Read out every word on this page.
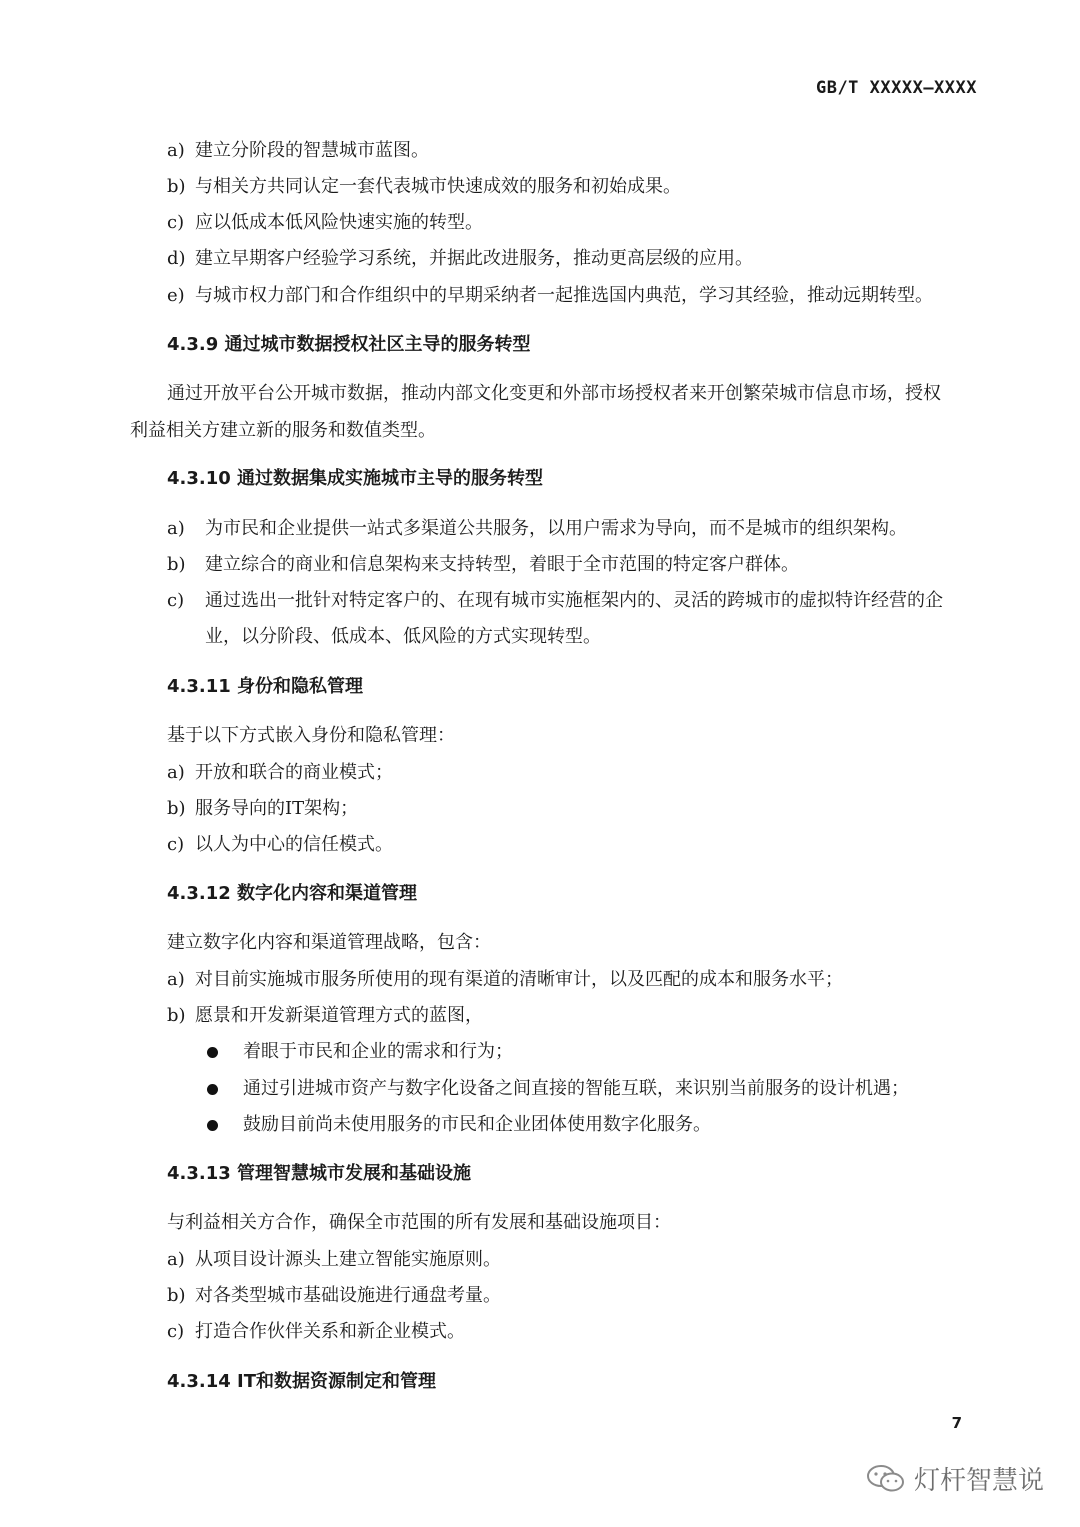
GB/T XXXXX—XXXX
a) 建立分阶段的智慧城市蓝图。
b) 与相关方共同认定一套代表城市快速成效的服务和初始成果。
c) 应以低成本低风险快速实施的转型。
d) 建立早期客户经验学习系统，并据此改进服务，推动更高层级的应用。
e) 与城市权力部门和合作组织中的早期采纳者一起推选国内典范，学习其经验，推动远期转型。
4.3.9 通过城市数据授权社区主导的服务转型
通过开放平台公开城市数据，推动内部文化变更和外部市场授权者来开创繁荣城市信息市场，授权
利益相关方建立新的服务和数值类型。
4.3.10 通过数据集成实施城市主导的服务转型
a) 为市民和企业提供一站式多渠道公共服务，以用户需求为导向，而不是城市的组织架构。
b) 建立综合的商业和信息架构来支持转型，着眼于全市范围的特定客户群体。
c) 通过选出一批针对特定客户的、在现有城市实施框架内的、灵活的跨城市的虚拟特许经营的企
业，以分阶段、低成本、低风险的方式实现转型。
4.3.11 身份和隐私管理
基于以下方式嵌入身份和隐私管理：
a) 开放和联合的商业模式；
b) 服务导向的IT架构；
c) 以人为中心的信任模式。
4.3.12 数字化内容和渠道管理
建立数字化内容和渠道管理战略，包含：
a) 对目前实施城市服务所使用的现有渠道的清晰审计，以及匹配的成本和服务水平；
b) 愿景和开发新渠道管理方式的蓝图，
着眼于市民和企业的需求和行为；
通过引进城市资产与数字化设备之间直接的智能互联，来识别当前服务的设计机遇；
鼓励目前尚未使用服务的市民和企业团体使用数字化服务。
4.3.13 管理智慧城市发展和基础设施
与利益相关方合作，确保全市范围的所有发展和基础设施项目：
a) 从项目设计源头上建立智能实施原则。
b) 对各类型城市基础设施进行通盘考量。
c) 打造合作伙伴关系和新企业模式。
4.3.14 IT和数据资源制定和管理
7
灯杆智慧说
